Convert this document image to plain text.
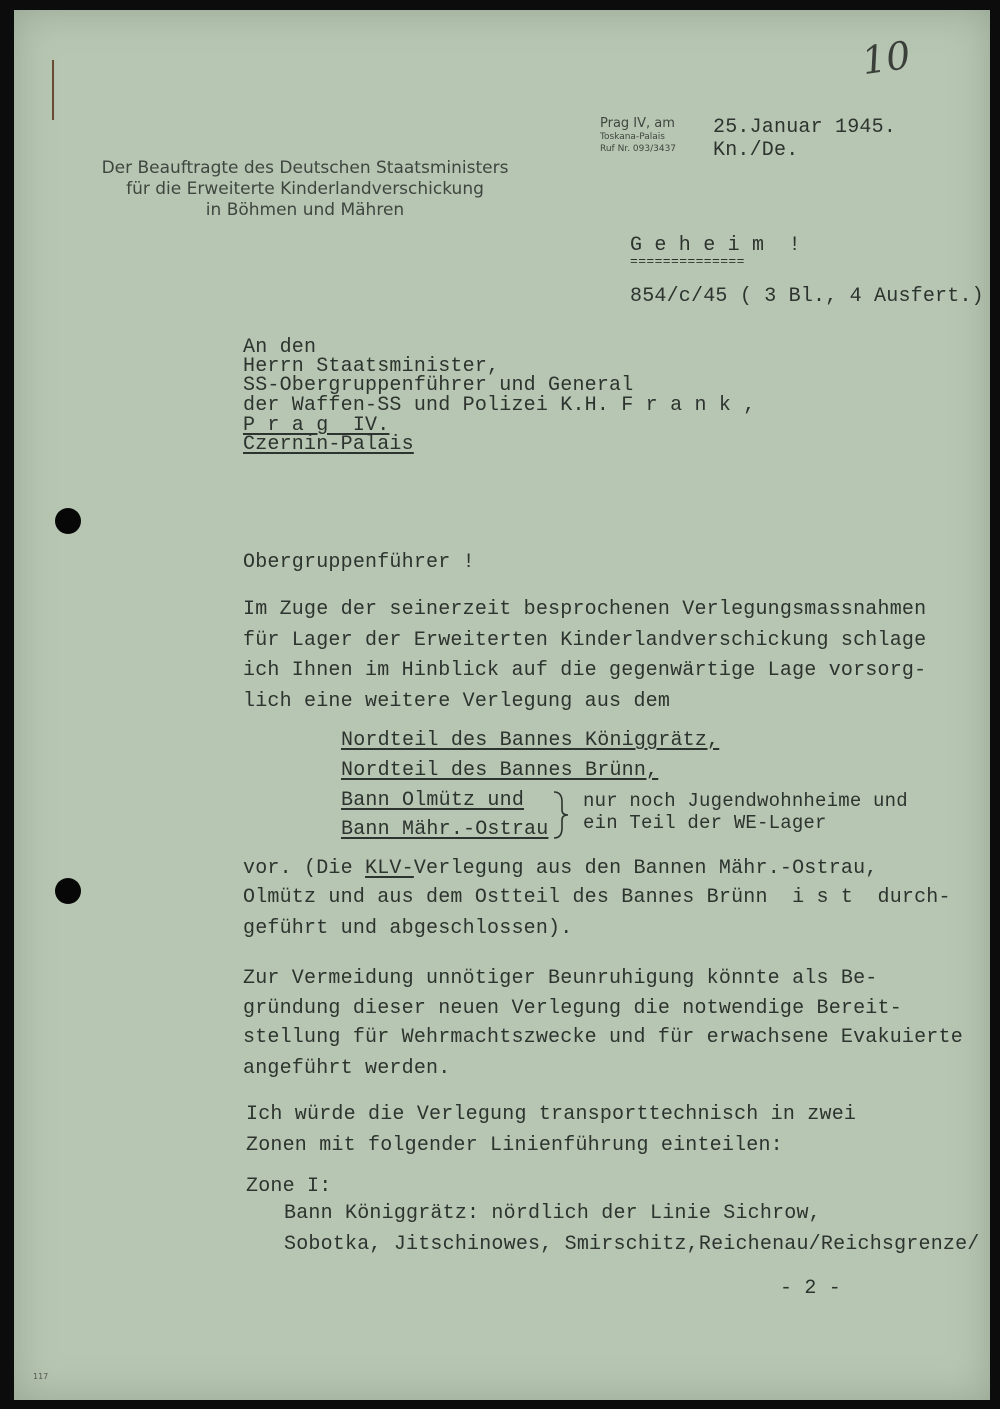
10
Der Beauftragte des Deutschen Staatsministers
für die Erweiterte Kinderlandverschickung
in Böhmen und Mähren
Prag IV, am
Toskana-Palais
Ruf Nr. 093/3437
25.Januar 1945.
Kn./De.
G e h e i m  !
==============
854/c/45 ( 3 Bl., 4 Ausfert.)
An den
Herrn Staatsminister,
SS-Obergruppenführer und General
der Waffen-SS und Polizei K.H. F r a n k ,
P r a g  IV.
Czernin-Palais
Obergruppenführer !
Im Zuge der seinerzeit besprochenen Verlegungsmassnahmen
für Lager der Erweiterten Kinderlandverschickung schlage
ich Ihnen im Hinblick auf die gegenwärtige Lage vorsorg-
lich eine weitere Verlegung aus dem
Nordteil des Bannes Königgrätz,
Nordteil des Bannes Brünn,
Bann Olmütz und
Bann Mähr.-Ostrau
nur noch Jugendwohnheime und
ein Teil der WE-Lager
vor. (Die KLV-Verlegung aus den Bannen Mähr.-Ostrau,
Olmütz und aus dem Ostteil des Bannes Brünn  i s t  durch-
geführt und abgeschlossen).
Zur Vermeidung unnötiger Beunruhigung könnte als Be-
gründung dieser neuen Verlegung die notwendige Bereit-
stellung für Wehrmachtszwecke und für erwachsene Evakuierte
angeführt werden.
Ich würde die Verlegung transporttechnisch in zwei
Zonen mit folgender Linienführung einteilen:
Zone I:
Bann Königgrätz: nördlich der Linie Sichrow,
Sobotka, Jitschinowes, Smirschitz,Reichenau/Reichsgrenze/
- 2 -
117
